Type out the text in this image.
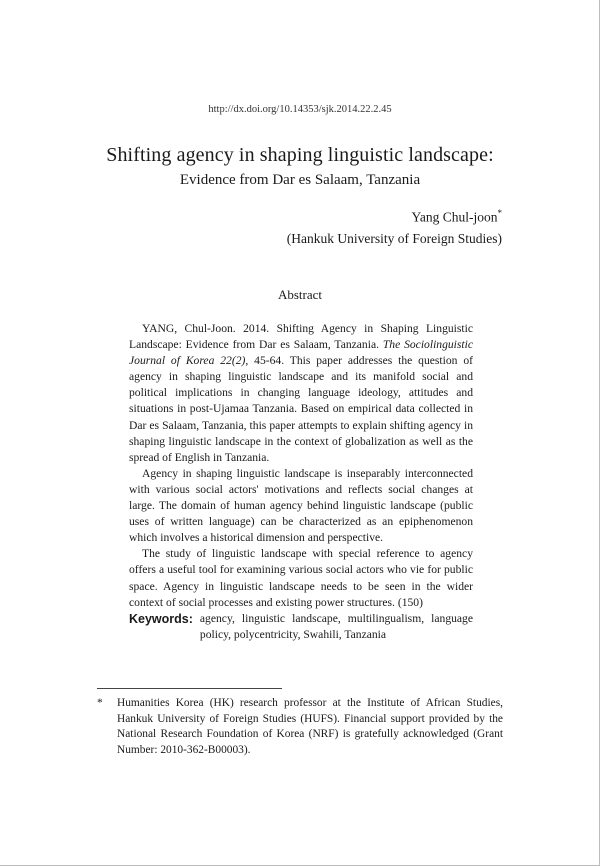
http://dx.doi.org/10.14353/sjk.2014.22.2.45
Shifting agency in shaping linguistic landscape:
Evidence from Dar es Salaam, Tanzania
Yang Chul-joon*
(Hankuk University of Foreign Studies)
Abstract

YANG, Chul-Joon. 2014. Shifting Agency in Shaping Linguistic Landscape: Evidence from Dar es Salaam, Tanzania. The Sociolinguistic Journal of Korea 22(2), 45-64. This paper addresses the question of agency in shaping linguistic landscape and its manifold social and political implications in changing language ideology, attitudes and situations in post-Ujamaa Tanzania. Based on empirical data collected in Dar es Salaam, Tanzania, this paper attempts to explain shifting agency in shaping linguistic landscape in the context of globalization as well as the spread of English in Tanzania.

Agency in shaping linguistic landscape is inseparably interconnected with various social actors' motivations and reflects social changes at large. The domain of human agency behind linguistic landscape (public uses of written language) can be characterized as an epiphenomenon which involves a historical dimension and perspective.

The study of linguistic landscape with special reference to agency offers a useful tool for examining various social actors who vie for public space. Agency in linguistic landscape needs to be seen in the wider context of social processes and existing power structures. (150)

Keywords: agency, linguistic landscape, multilingualism, language policy, polycentricity, Swahili, Tanzania
* Humanities Korea (HK) research professor at the Institute of African Studies, Hankuk University of Foreign Studies (HUFS). Financial support provided by the National Research Foundation of Korea (NRF) is gratefully acknowledged (Grant Number: 2010-362-B00003).
